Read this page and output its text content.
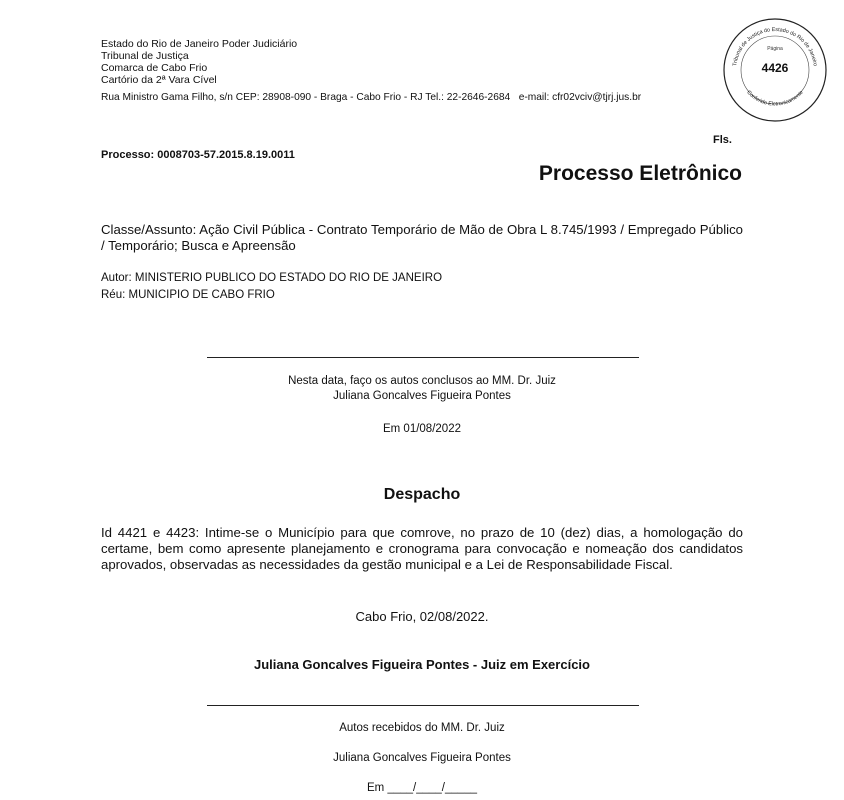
Estado do Rio de Janeiro Poder Judiciário
Tribunal de Justiça
Comarca de Cabo Frio
Cartório da 2ª Vara Cível
Rua Ministro Gama Filho, s/n CEP: 28908-090 - Braga - Cabo Frio - RJ Tel.: 22-2646-2684 e-mail: cfr02vciv@tjrj.jus.br
Tribunal de Justiça do Estado do Rio de Janeiro
Conferido Eletronicamente
Página
4426
Fls.
Processo: 0008703-57.2015.8.19.0011
Processo Eletrônico
Classe/Assunto: Ação Civil Pública - Contrato Temporário de Mão de Obra L 8.745/1993 / Empregado Público / Temporário; Busca e Apreensão
Autor: MINISTERIO PUBLICO DO ESTADO DO RIO DE JANEIRO
Réu: MUNICIPIO DE CABO FRIO
Nesta data, faço os autos conclusos ao MM. Dr. Juiz
Juliana Goncalves Figueira Pontes
Em 01/08/2022
Despacho
Id 4421 e 4423: Intime-se o Município para que comrove, no prazo de 10 (dez) dias, a homologação do certame, bem como apresente planejamento e cronograma para convocação e nomeação dos candidatos aprovados, observadas as necessidades da gestão municipal e a Lei de Responsabilidade Fiscal.
Cabo Frio, 02/08/2022.
Juliana Goncalves Figueira Pontes - Juiz em Exercício
Autos recebidos do MM. Dr. Juiz
Juliana Goncalves Figueira Pontes
Em ____/____/_____
